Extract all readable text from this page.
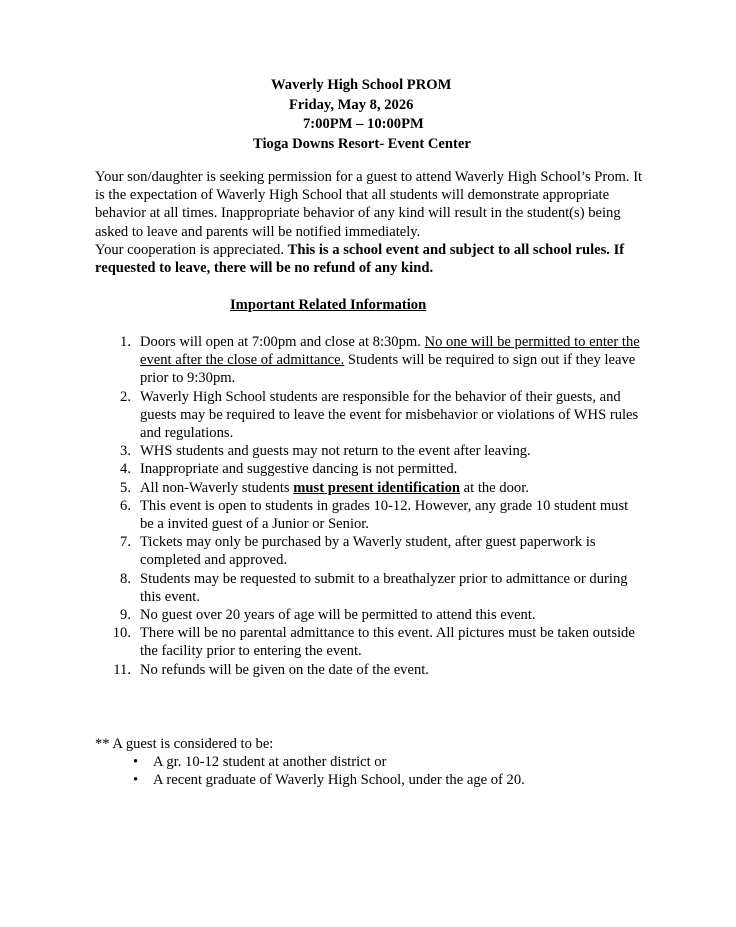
Waverly High School PROM
Friday, May 8, 2026
7:00PM – 10:00PM
Tioga Downs Resort- Event Center

Your son/daughter is seeking permission for a guest to attend Waverly High School’s Prom. It is the expectation of Waverly High School that all students will demonstrate appropriate behavior at all times. Inappropriate behavior of any kind will result in the student(s) being asked to leave and parents will be notified immediately.

Your cooperation is appreciated. This is a school event and subject to all school rules. If requested to leave, there will be no refund of any kind.

Important Related Information
1. Doors will open at 7:00pm and close at 8:30pm. No one will be permitted to enter the event after the close of admittance. Students will be required to sign out if they leave prior to 9:30pm.
2. Waverly High School students are responsible for the behavior of their guests, and guests may be required to leave the event for misbehavior or violations of WHS rules and regulations.
3. WHS students and guests may not return to the event after leaving.
4. Inappropriate and suggestive dancing is not permitted.
5. All non-Waverly students must present identification at the door.
6. This event is open to students in grades 10-12. However, any grade 10 student must be a invited guest of a Junior or Senior.
7. Tickets may only be purchased by a Waverly student, after guest paperwork is completed and approved.
8. Students may be requested to submit to a breathalyzer prior to admittance or during this event.
9. No guest over 20 years of age will be permitted to attend this event.
10. There will be no parental admittance to this event. All pictures must be taken outside the facility prior to entering the event.
11. No refunds will be given on the date of the event.
** A guest is considered to be:
• A gr. 10-12 student at another district or
• A recent graduate of Waverly High School, under the age of 20.
